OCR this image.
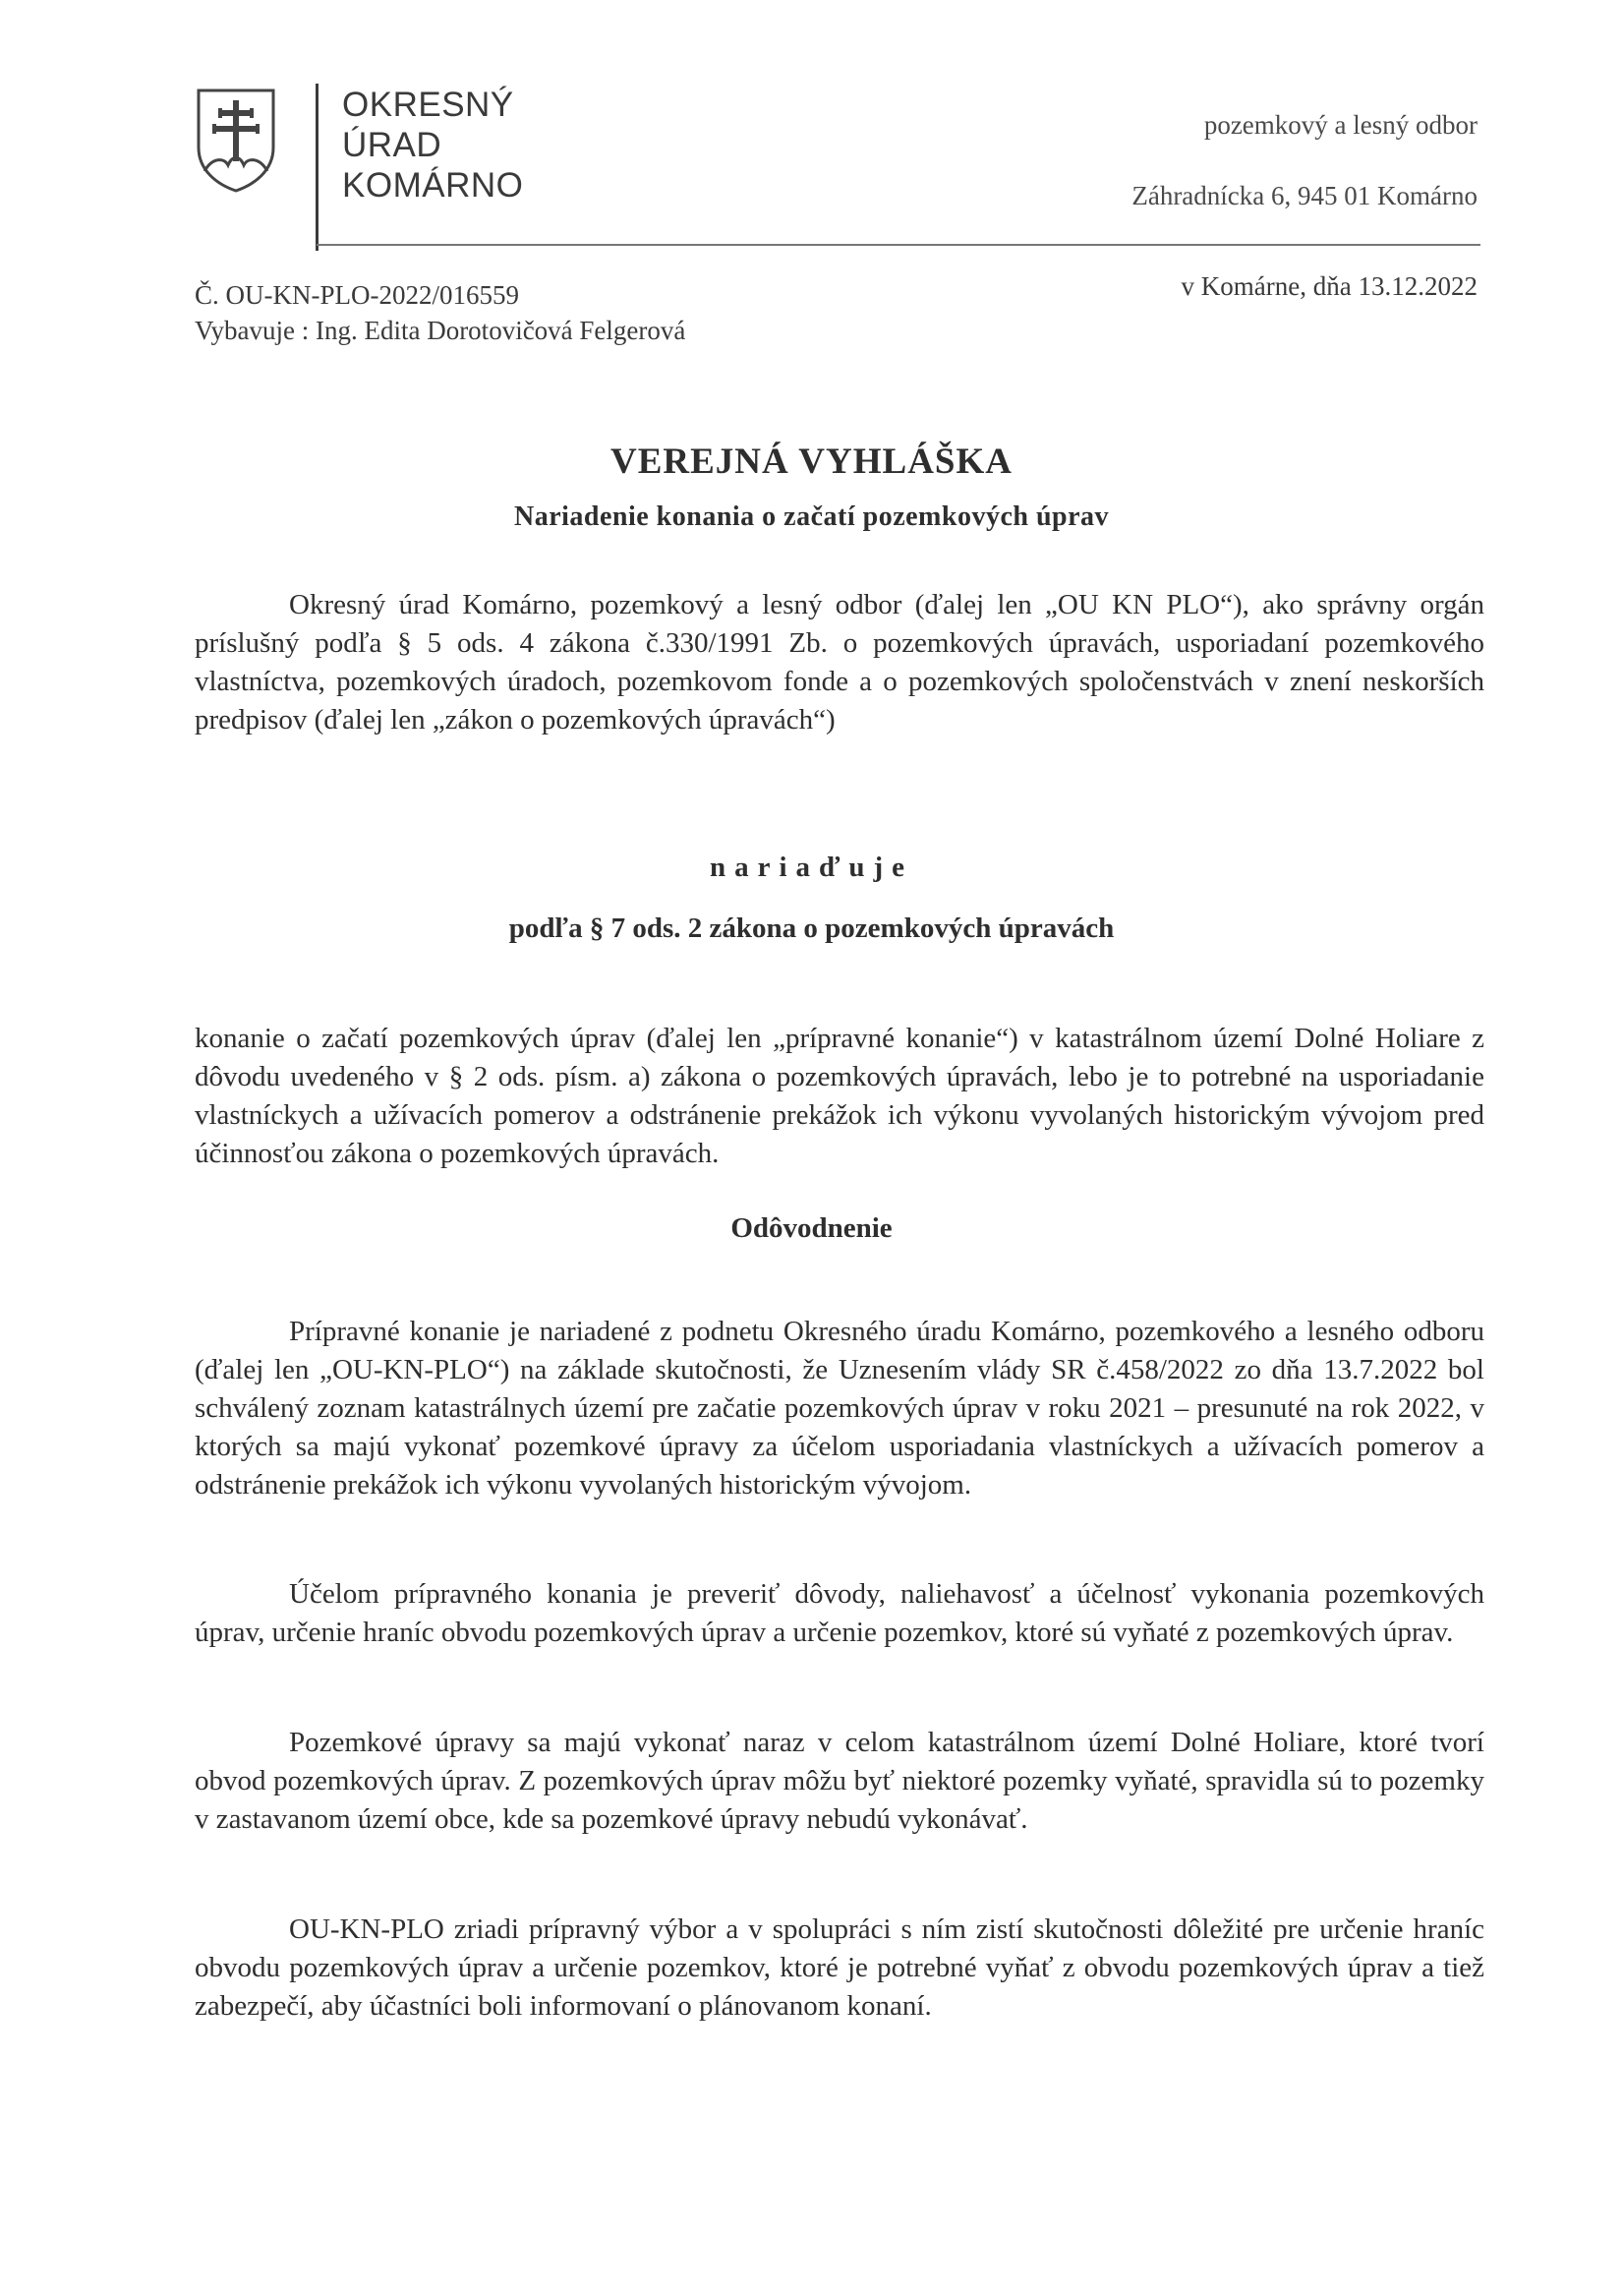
OKRESNÝ
ÚRAD
KOMÁRNO
pozemkový a lesný odbor
Záhradnícka 6, 945 01 Komárno
Č. OU-KN-PLO-2022/016559
Vybavuje : Ing. Edita Dorotovičová Felgerová
v Komárne, dňa 13.12.2022
VEREJNÁ VYHLÁŠKA
Nariadenie konania o začatí pozemkových úprav
Okresný úrad Komárno, pozemkový a lesný odbor (ďalej len „OU KN PLO“), ako správny orgán príslušný podľa § 5 ods. 4 zákona č.330/1991 Zb. o pozemkových úpravách, usporiadaní pozemkového vlastníctva, pozemkových úradoch, pozemkovom fonde a o pozemkových spoločenstvách v znení neskorších predpisov (ďalej len „zákon o pozemkových úpravách“)
nariaďuje
podľa § 7 ods. 2 zákona o pozemkových úpravách
konanie o začatí pozemkových úprav (ďalej len „prípravné konanie“) v katastrálnom území Dolné Holiare z dôvodu uvedeného v § 2 ods. písm. a) zákona o pozemkových úpravách, lebo je to potrebné na usporiadanie vlastníckych a užívacích pomerov a odstránenie prekážok ich výkonu vyvolaných historickým vývojom pred účinnosťou zákona o pozemkových úpravách.
Odôvodnenie
Prípravné konanie je nariadené z podnetu Okresného úradu Komárno, pozemkového a lesného odboru (ďalej len „OU-KN-PLO“) na základe skutočnosti, že Uznesením vlády SR č.458/2022 zo dňa 13.7.2022 bol schválený zoznam katastrálnych území pre začatie pozemkových úprav v roku 2021 – presunuté na rok 2022, v ktorých sa majú vykonať pozemkové úpravy za účelom usporiadania vlastníckych a užívacích pomerov a odstránenie prekážok ich výkonu vyvolaných historickým vývojom.
Účelom prípravného konania je preveriť dôvody, naliehavosť a účelnosť vykonania pozemkových úprav, určenie hraníc obvodu pozemkových úprav a určenie pozemkov, ktoré sú vyňaté z pozemkových úprav.
Pozemkové úpravy sa majú vykonať naraz v celom katastrálnom území Dolné Holiare, ktoré tvorí obvod pozemkových úprav. Z pozemkových úprav môžu byť niektoré pozemky vyňaté, spravidla sú to pozemky v zastavanom území obce, kde sa pozemkové úpravy nebudú vykonávať.
OU-KN-PLO zriadi prípravný výbor a v spolupráci s ním zistí skutočnosti dôležité pre určenie hraníc obvodu pozemkových úprav a určenie pozemkov, ktoré je potrebné vyňať z obvodu pozemkových úprav a tiež zabezpečí, aby účastníci boli informovaní o plánovanom konaní.
